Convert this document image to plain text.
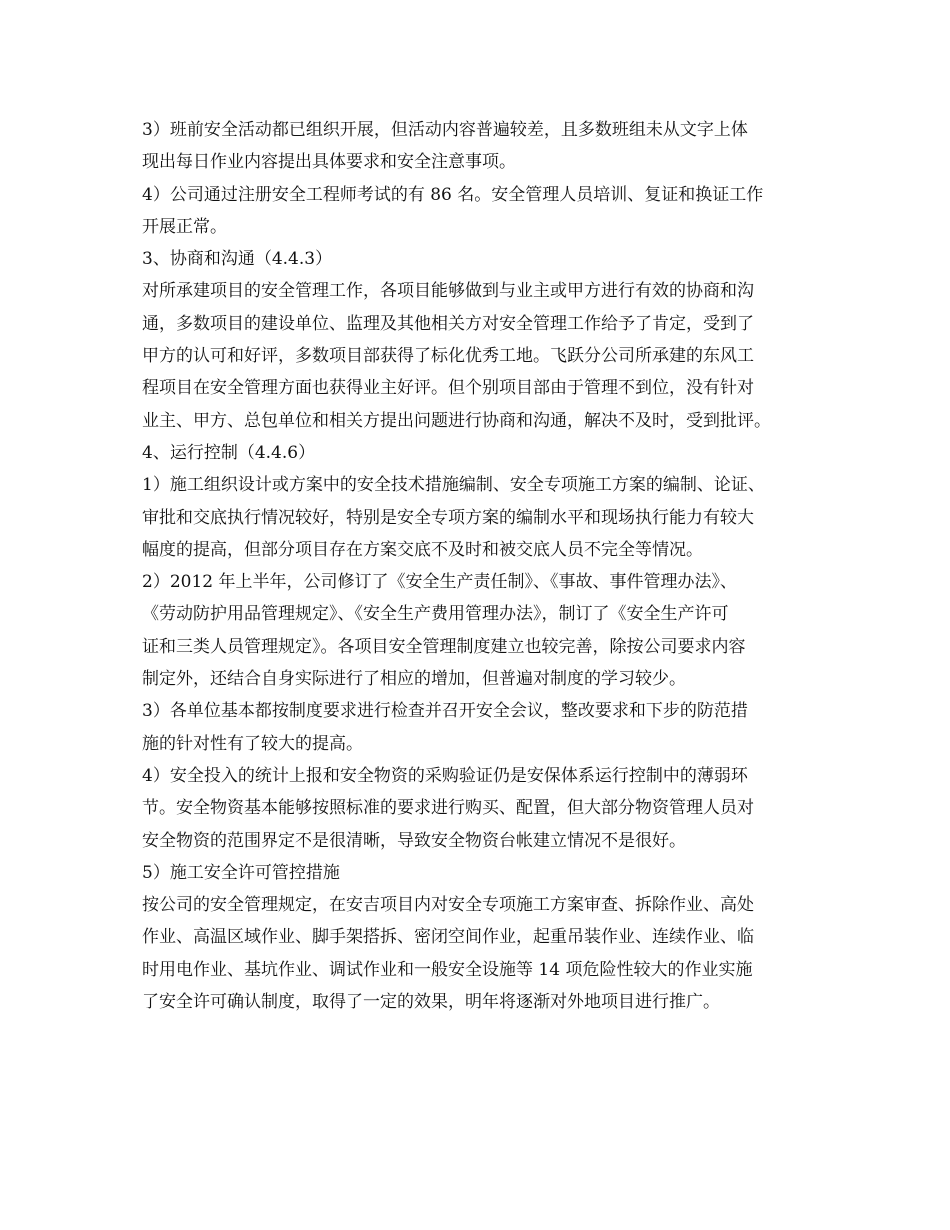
3）班前安全活动都已组织开展，但活动内容普遍较差，且多数班组未从文字上体
现出每日作业内容提出具体要求和安全注意事项。
4）公司通过注册安全工程师考试的有 86 名。安全管理人员培训、复证和换证工作
开展正常。
3、协商和沟通（4.4.3）
对所承建项目的安全管理工作，各项目能够做到与业主或甲方进行有效的协商和沟
通，多数项目的建设单位、监理及其他相关方对安全管理工作给予了肯定，受到了
甲方的认可和好评，多数项目部获得了标化优秀工地。飞跃分公司所承建的东风工
程项目在安全管理方面也获得业主好评。但个别项目部由于管理不到位，没有针对
业主、甲方、总包单位和相关方提出问题进行协商和沟通，解决不及时，受到批评。
4、运行控制（4.4.6）
1）施工组织设计或方案中的安全技术措施编制、安全专项施工方案的编制、论证、
审批和交底执行情况较好，特别是安全专项方案的编制水平和现场执行能力有较大
幅度的提高，但部分项目存在方案交底不及时和被交底人员不完全等情况。
2）2012 年上半年，公司修订了《安全生产责任制》、《事故、事件管理办法》、
《劳动防护用品管理规定》、《安全生产费用管理办法》，制订了《安全生产许可
证和三类人员管理规定》。各项目安全管理制度建立也较完善，除按公司要求内容
制定外，还结合自身实际进行了相应的增加，但普遍对制度的学习较少。
3）各单位基本都按制度要求进行检查并召开安全会议，整改要求和下步的防范措
施的针对性有了较大的提高。
4）安全投入的统计上报和安全物资的采购验证仍是安保体系运行控制中的薄弱环
节。安全物资基本能够按照标准的要求进行购买、配置，但大部分物资管理人员对
安全物资的范围界定不是很清晰，导致安全物资台帐建立情况不是很好。
5）施工安全许可管控措施
按公司的安全管理规定，在安吉项目内对安全专项施工方案审查、拆除作业、高处
作业、高温区域作业、脚手架搭拆、密闭空间作业，起重吊装作业、连续作业、临
时用电作业、基坑作业、调试作业和一般安全设施等 14 项危险性较大的作业实施
了安全许可确认制度，取得了一定的效果，明年将逐渐对外地项目进行推广。
